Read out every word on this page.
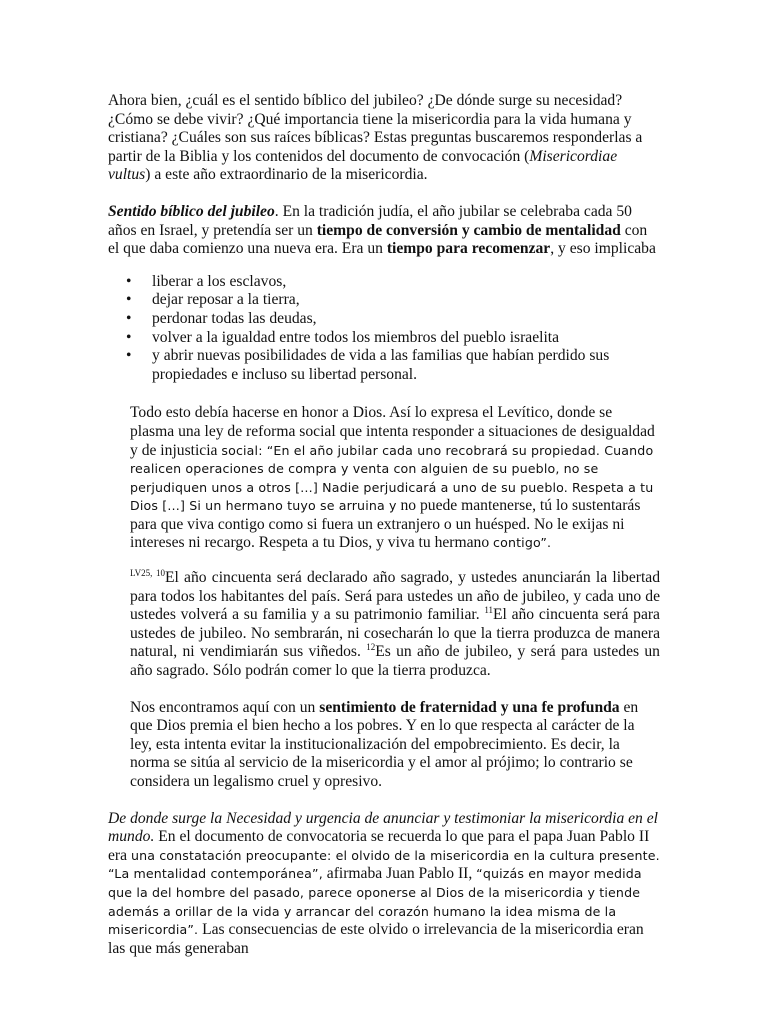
Ahora bien, ¿cuál es el sentido bíblico del jubileo? ¿De dónde surge su necesidad? ¿Cómo se debe vivir? ¿Qué importancia tiene la misericordia para la vida humana y cristiana? ¿Cuáles son sus raíces bíblicas? Estas preguntas buscaremos responderlas a partir de la Biblia y los contenidos del documento de convocación (Misericordiae vultus) a este año extraordinario de la misericordia.

Sentido bíblico del jubileo. En la tradición judía, el año jubilar se celebraba cada 50 años en Israel, y pretendía ser un tiempo de conversión y cambio de mentalidad con el que daba comienzo una nueva era. Era un tiempo para recomenzar, y eso implicaba

• liberar a los esclavos,
• dejar reposar a la tierra,
• perdonar todas las deudas,
• volver a la igualdad entre todos los miembros del pueblo israelita
• y abrir nuevas posibilidades de vida a las familias que habían perdido sus propiedades e incluso su libertad personal.

Todo esto debía hacerse en honor a Dios. Así lo expresa el Levítico, donde se plasma una ley de reforma social que intenta responder a situaciones de desigualdad y de injusticia social: “En el año jubilar cada uno recobrará su propiedad. Cuando realicen operaciones de compra y venta con alguien de su pueblo, no se perjudiquen unos a otros […] Nadie perjudicará a uno de su pueblo. Respeta a tu Dios […] Si un hermano tuyo se arruina y no puede mantenerse, tú lo sustentarás para que viva contigo como si fuera un extranjero o un huésped. No le exijas ni intereses ni recargo. Respeta a tu Dios, y viva tu hermano contigo”.

$^{LV25, 10}$El año cincuenta será declarado año sagrado, y ustedes anunciarán la libertad para todos los habitantes del país. Será para ustedes un año de jubileo, y cada uno de ustedes volverá a su familia y a su patrimonio familiar. $^{11}$El año cincuenta será para ustedes de jubileo. No sembrarán, ni cosecharán lo que la tierra produzca de manera natural, ni vendimiarán sus viñedos. $^{12}$Es un año de jubileo, y será para ustedes un año sagrado. Sólo podrán comer lo que la tierra produzca.

Nos encontramos aquí con un sentimiento de fraternidad y una fe profunda en que Dios premia el bien hecho a los pobres. Y en lo que respecta al carácter de la ley, esta intenta evitar la institucionalización del empobrecimiento. Es decir, la norma se sitúa al servicio de la misericordia y el amor al prójimo; lo contrario se considera un legalismo cruel y opresivo.

De donde surge la Necesidad y urgencia de anunciar y testimoniar la misericordia en el mundo. En el documento de convocatoria se recuerda lo que para el papa Juan Pablo II era una constatación preocupante: el olvido de la misericordia en la cultura presente. “La mentalidad contemporánea”, afirmaba Juan Pablo II, “quizás en mayor medida que la del hombre del pasado, parece oponerse al Dios de la misericordia y tiende además a orillar de la vida y arrancar del corazón humano la idea misma de la misericordia”. Las consecuencias de este olvido o irrelevancia de la misericordia eran las que más generaban
